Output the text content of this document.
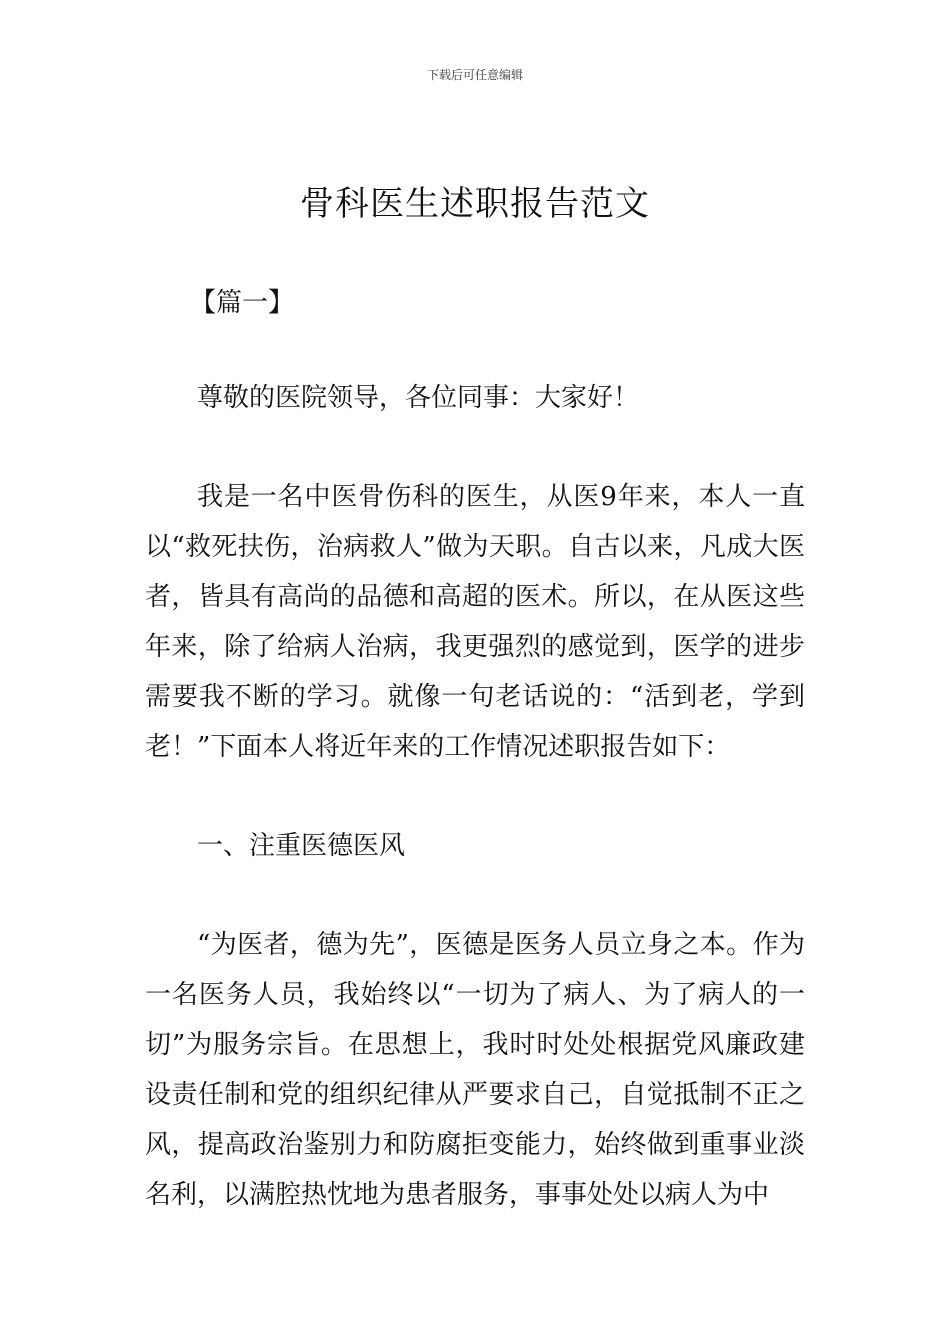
下载后可任意编辑
骨科医生述职报告范文
【篇一】

尊敬的医院领导，各位同事：大家好！

我是一名中医骨伤科的医生，从医9年来，本人一直以“救死扶伤，治病救人”做为天职。自古以来，凡成大医者，皆具有高尚的品德和高超的医术。所以，在从医这些年来，除了给病人治病，我更强烈的感觉到，医学的进步需要我不断的学习。就像一句老话说的：“活到老，学到老！”下面本人将近年来的工作情况述职报告如下：

一、注重医德医风

“为医者，德为先”，医德是医务人员立身之本。作为一名医务人员，我始终以“一切为了病人、为了病人的一切”为服务宗旨。在思想上，我时时处处根据党风廉政建设责任制和党的组织纪律从严要求自己，自觉抵制不正之风，提高政治鉴别力和防腐拒变能力，始终做到重事业淡名利，以满腔热忱地为患者服务，事事处处以病人为中
